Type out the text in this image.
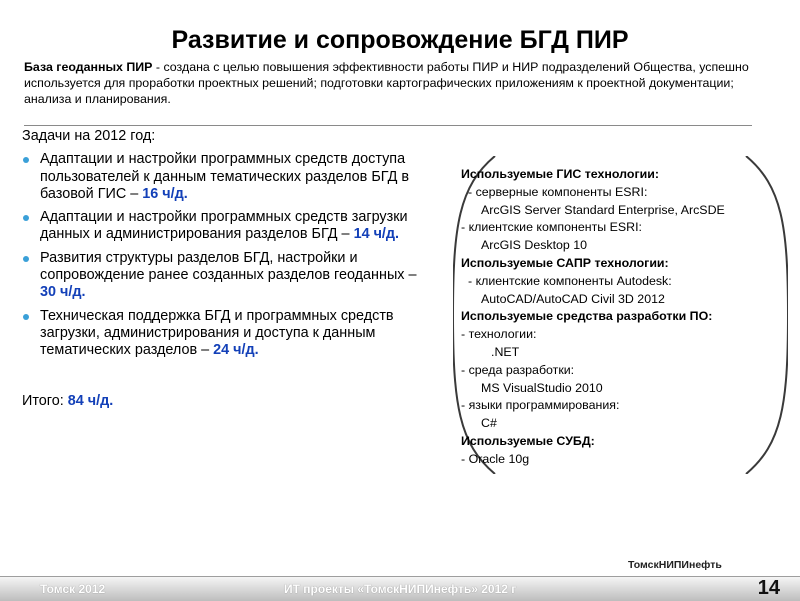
Развитие и сопровождение БГД ПИР
База геоданных ПИР - создана с целью повышения эффективности работы ПИР и НИР подразделений Общества, успешно используется для проработки проектных решений; подготовки картографических приложениям к проектной документации; анализа и планирования.
Задачи на 2012 год:
Адаптации и настройки программных средств доступа пользователей к данным тематических разделов БГД в базовой ГИС – 16 ч/д.
Адаптации и настройки программных средств загрузки данных и администрирования разделов БГД – 14 ч/д.
Развития структуры разделов БГД, настройки и сопровождение ранее созданных разделов геоданных – 30 ч/д.
Техническая поддержка БГД и программных средств загрузки, администрирования и доступа к данным тематических разделов – 24 ч/д.
Итого: 84 ч/д.
Используемые ГИС технологии:
- серверные компоненты ESRI:
ArcGIS Server Standard Enterprise, ArcSDE
- клиентские компоненты ESRI:
ArcGIS Desktop 10
Используемые САПР технологии:
- клиентские компоненты Autodesk:
AutoCAD/AutoCAD Civil 3D 2012
Используемые средства разработки ПО:
- технологии:
.NET
- среда разработки:
MS VisualStudio 2010
- языки программирования:
C#
Используемые СУБД:
- Oracle 10g
ТомскНИПИнефть
Томск 2012	ИТ проекты «ТомскНИПИнефть» 2012 г	14
